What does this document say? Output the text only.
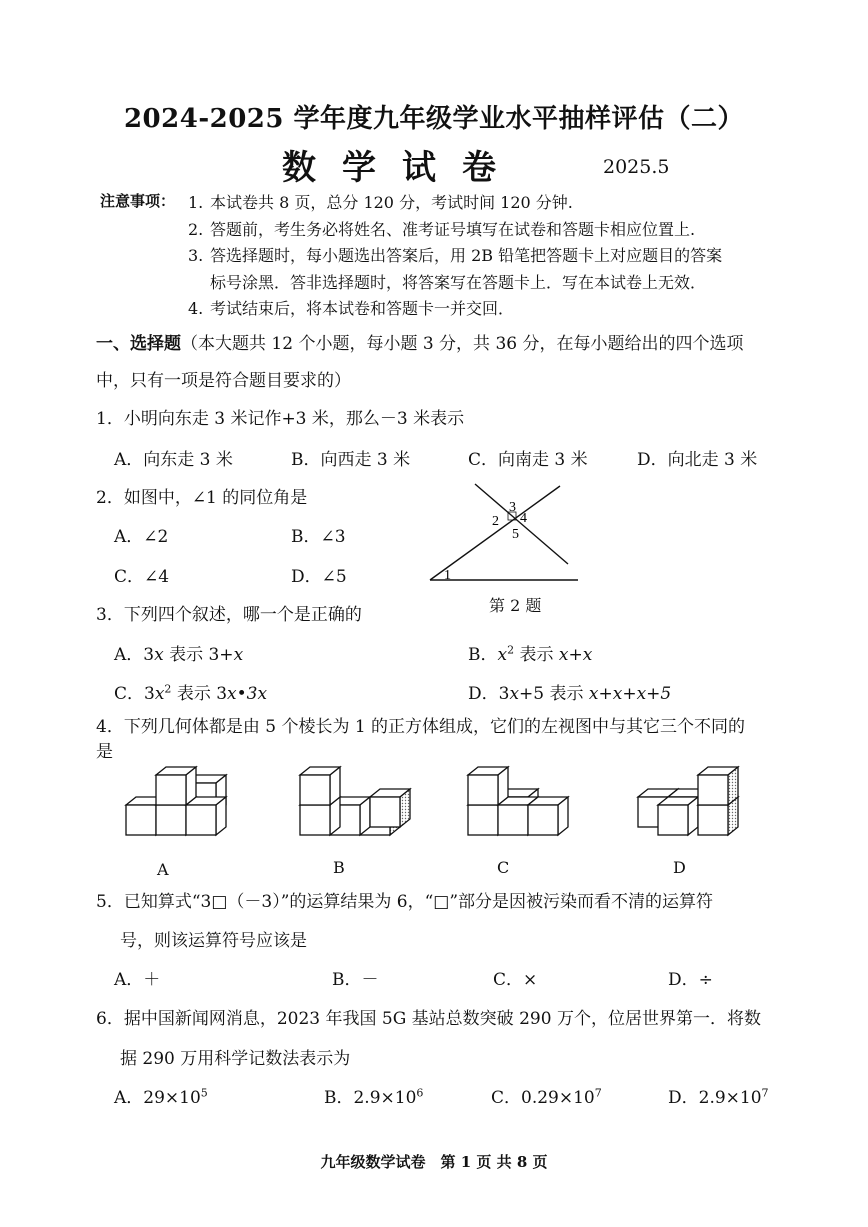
2024-2025 学年度九年级学业水平抽样评估（二）
数学试卷	2025.5
注意事项： 1. 本试卷共 8 页，总分 120 分，考试时间 120 分钟.
2. 答题前，考生务必将姓名、准考证号填写在试卷和答题卡相应位置上.
3. 答选择题时，每小题选出答案后，用 2B 铅笔把答题卡上对应题目的答案
标号涂黑．答非选择题时，将答案写在答题卡上．写在本试卷上无效．
4. 考试结束后，将本试卷和答题卡一并交回．
一、选择题（本大题共 12 个小题，每小题 3 分，共 36 分，在每小题给出的四个选项
中，只有一项是符合题目要求的）
1．小明向东走 3 米记作+3 米，那么－3 米表示
A．向东走 3 米	B．向西走 3 米	C．向南走 3 米	D．向北走 3 米
2．如图中，∠1 的同位角是
A．∠2	B．∠3
C．∠4	D．∠5	1
2
3
4
5
第 2 题
3．下列四个叙述，哪一个是正确的
A．3x 表示 3+x	B．$x^2$ 表示 x+x
C．$3x^2$ 表示 3x•3x	D．3x+5 表示 x+x+x+5
4．下列几何体都是由 5 个棱长为 1 的正方体组成，它们的左视图中与其它三个不同的
是
A	B	C	D
5．已知算式“3□（－3）”的运算结果为 6，“□”部分是因被污染而看不清的运算符
号，则该运算符号应该是
A．＋	B．－	C．×	D．÷
6．据中国新闻网消息，2023 年我国 5G 基站总数突破 290 万个，位居世界第一．将数
据 290 万用科学记数法表示为
A．$29\times 10^5$	B．$2.9\times 10^6$	C．$0.29\times 10^7$	D．$2.9\times 10^7$
九年级数学试卷　第 1 页 共 8 页
